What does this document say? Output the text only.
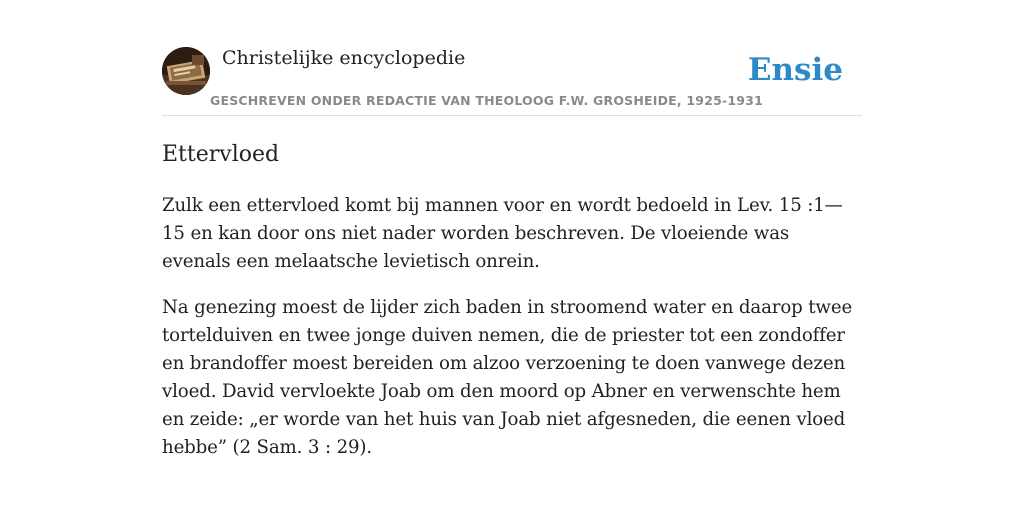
Christelijke encyclopedie
GESCHREVEN ONDER REDACTIE VAN THEOLOOG F.W. GROSHEIDE, 1925-1931
Ensie
Ettervloed

Zulk een ettervloed komt bij mannen voor en wordt bedoeld in Lev. 15 :1—15 en kan door ons niet nader worden beschreven. De vloeiende was evenals een melaatsche levietisch onrein.

Na genezing moest de lijder zich baden in stroomend water en daarop twee tortelduiven en twee jonge duiven nemen, die de priester tot een zondoffer en brandoffer moest bereiden om alzoo verzoening te doen vanwege dezen vloed. David vervloekte Joab om den moord op Abner en verwenschte hem en zeide: „er worde van het huis van Joab niet afgesneden, die eenen vloed hebbe” (2 Sam. 3 : 29).
